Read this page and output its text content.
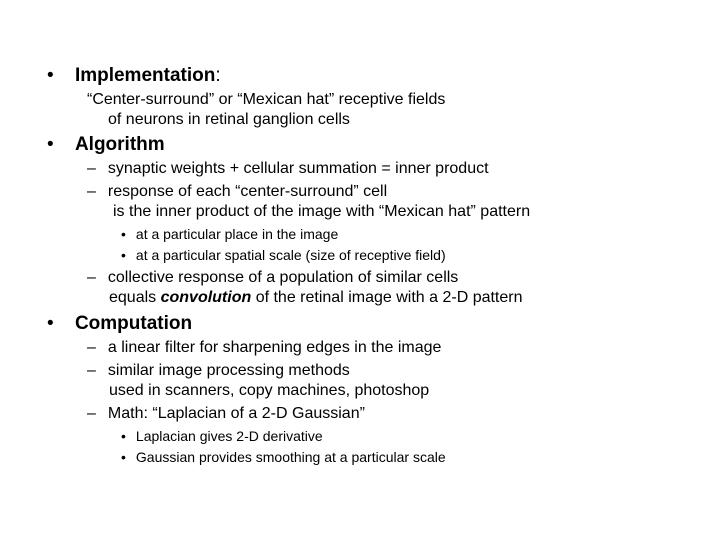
• Implementation:
“Center-surround” or “Mexican hat” receptive fields
of neurons in retinal ganglion cells
• Algorithm
– synaptic weights + cellular summation = inner product
– response of each “center-surround” cell
is the inner product of the image with “Mexican hat” pattern
• at a particular place in the image
• at a particular spatial scale (size of receptive field)
– collective response of a population of similar cells
equals convolution of the retinal image with a 2-D pattern
• Computation
– a linear filter for sharpening edges in the image
– similar image processing methods
used in scanners, copy machines, photoshop
– Math: “Laplacian of a 2-D Gaussian”
• Laplacian gives 2-D derivative
• Gaussian provides smoothing at a particular scale
